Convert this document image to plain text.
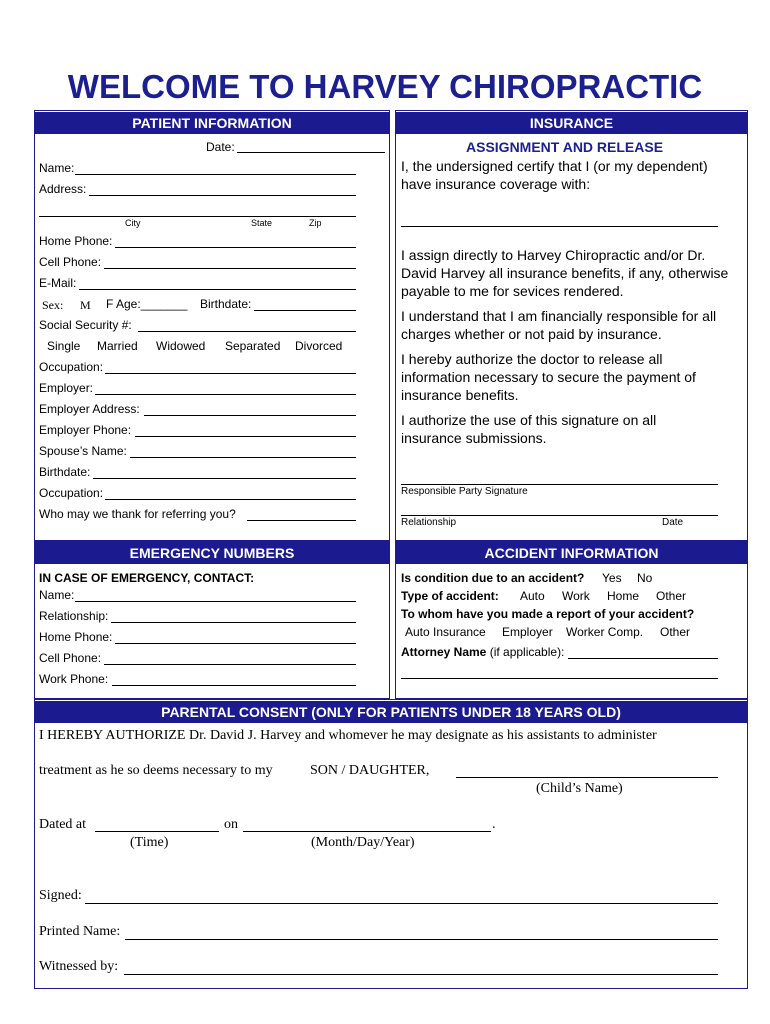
WELCOME TO HARVEY CHIROPRACTIC
PATIENT INFORMATION	INSURANCE
EMERGENCY NUMBERS	ACCIDENT INFORMATION
PARENTAL CONSENT (ONLY FOR PATIENTS UNDER 18 YEARS OLD)
Date:
Name:
Address:
City	State	Zip
Home Phone:
Cell Phone:
E-Mail:
Sex: M F Age:_______ Birthdate:
Social Security #:
Single Married Widowed Separated Divorced
Occupation:
Employer:
Employer Address:
Employer Phone:
Spouse’s Name:
Birthdate:
Occupation:
Who may we thank for referring you?
ASSIGNMENT AND RELEASE
I, the undersigned certify that I (or my dependent) have insurance coverage with:
I assign directly to Harvey Chiropractic and/or Dr. David Harvey all insurance benefits, if any, otherwise payable to me for sevices rendered.
I understand that I am financially responsible for all charges whether or not paid by insurance.
I hereby authorize the doctor to release all information necessary to secure the payment of insurance benefits.
I authorize the use of this signature on all insurance submissions.
Responsible Party Signature
Relationship	Date
IN CASE OF EMERGENCY, CONTACT:
Name:
Relationship:
Home Phone:
Cell Phone:
Work Phone:
Is condition due to an accident? Yes No
Type of accident: Auto Work Home Other
To whom have you made a report of your accident?
Auto Insurance Employer Worker Comp. Other
Attorney Name (if applicable):
I HEREBY AUTHORIZE Dr. David J. Harvey and whomever he may designate as his assistants to administer
treatment as he so deems necessary to my	SON / DAUGHTER,
(Child’s Name)
Dated at	on	.
(Time)	(Month/Day/Year)
Signed:
Printed Name:
Witnessed by:
